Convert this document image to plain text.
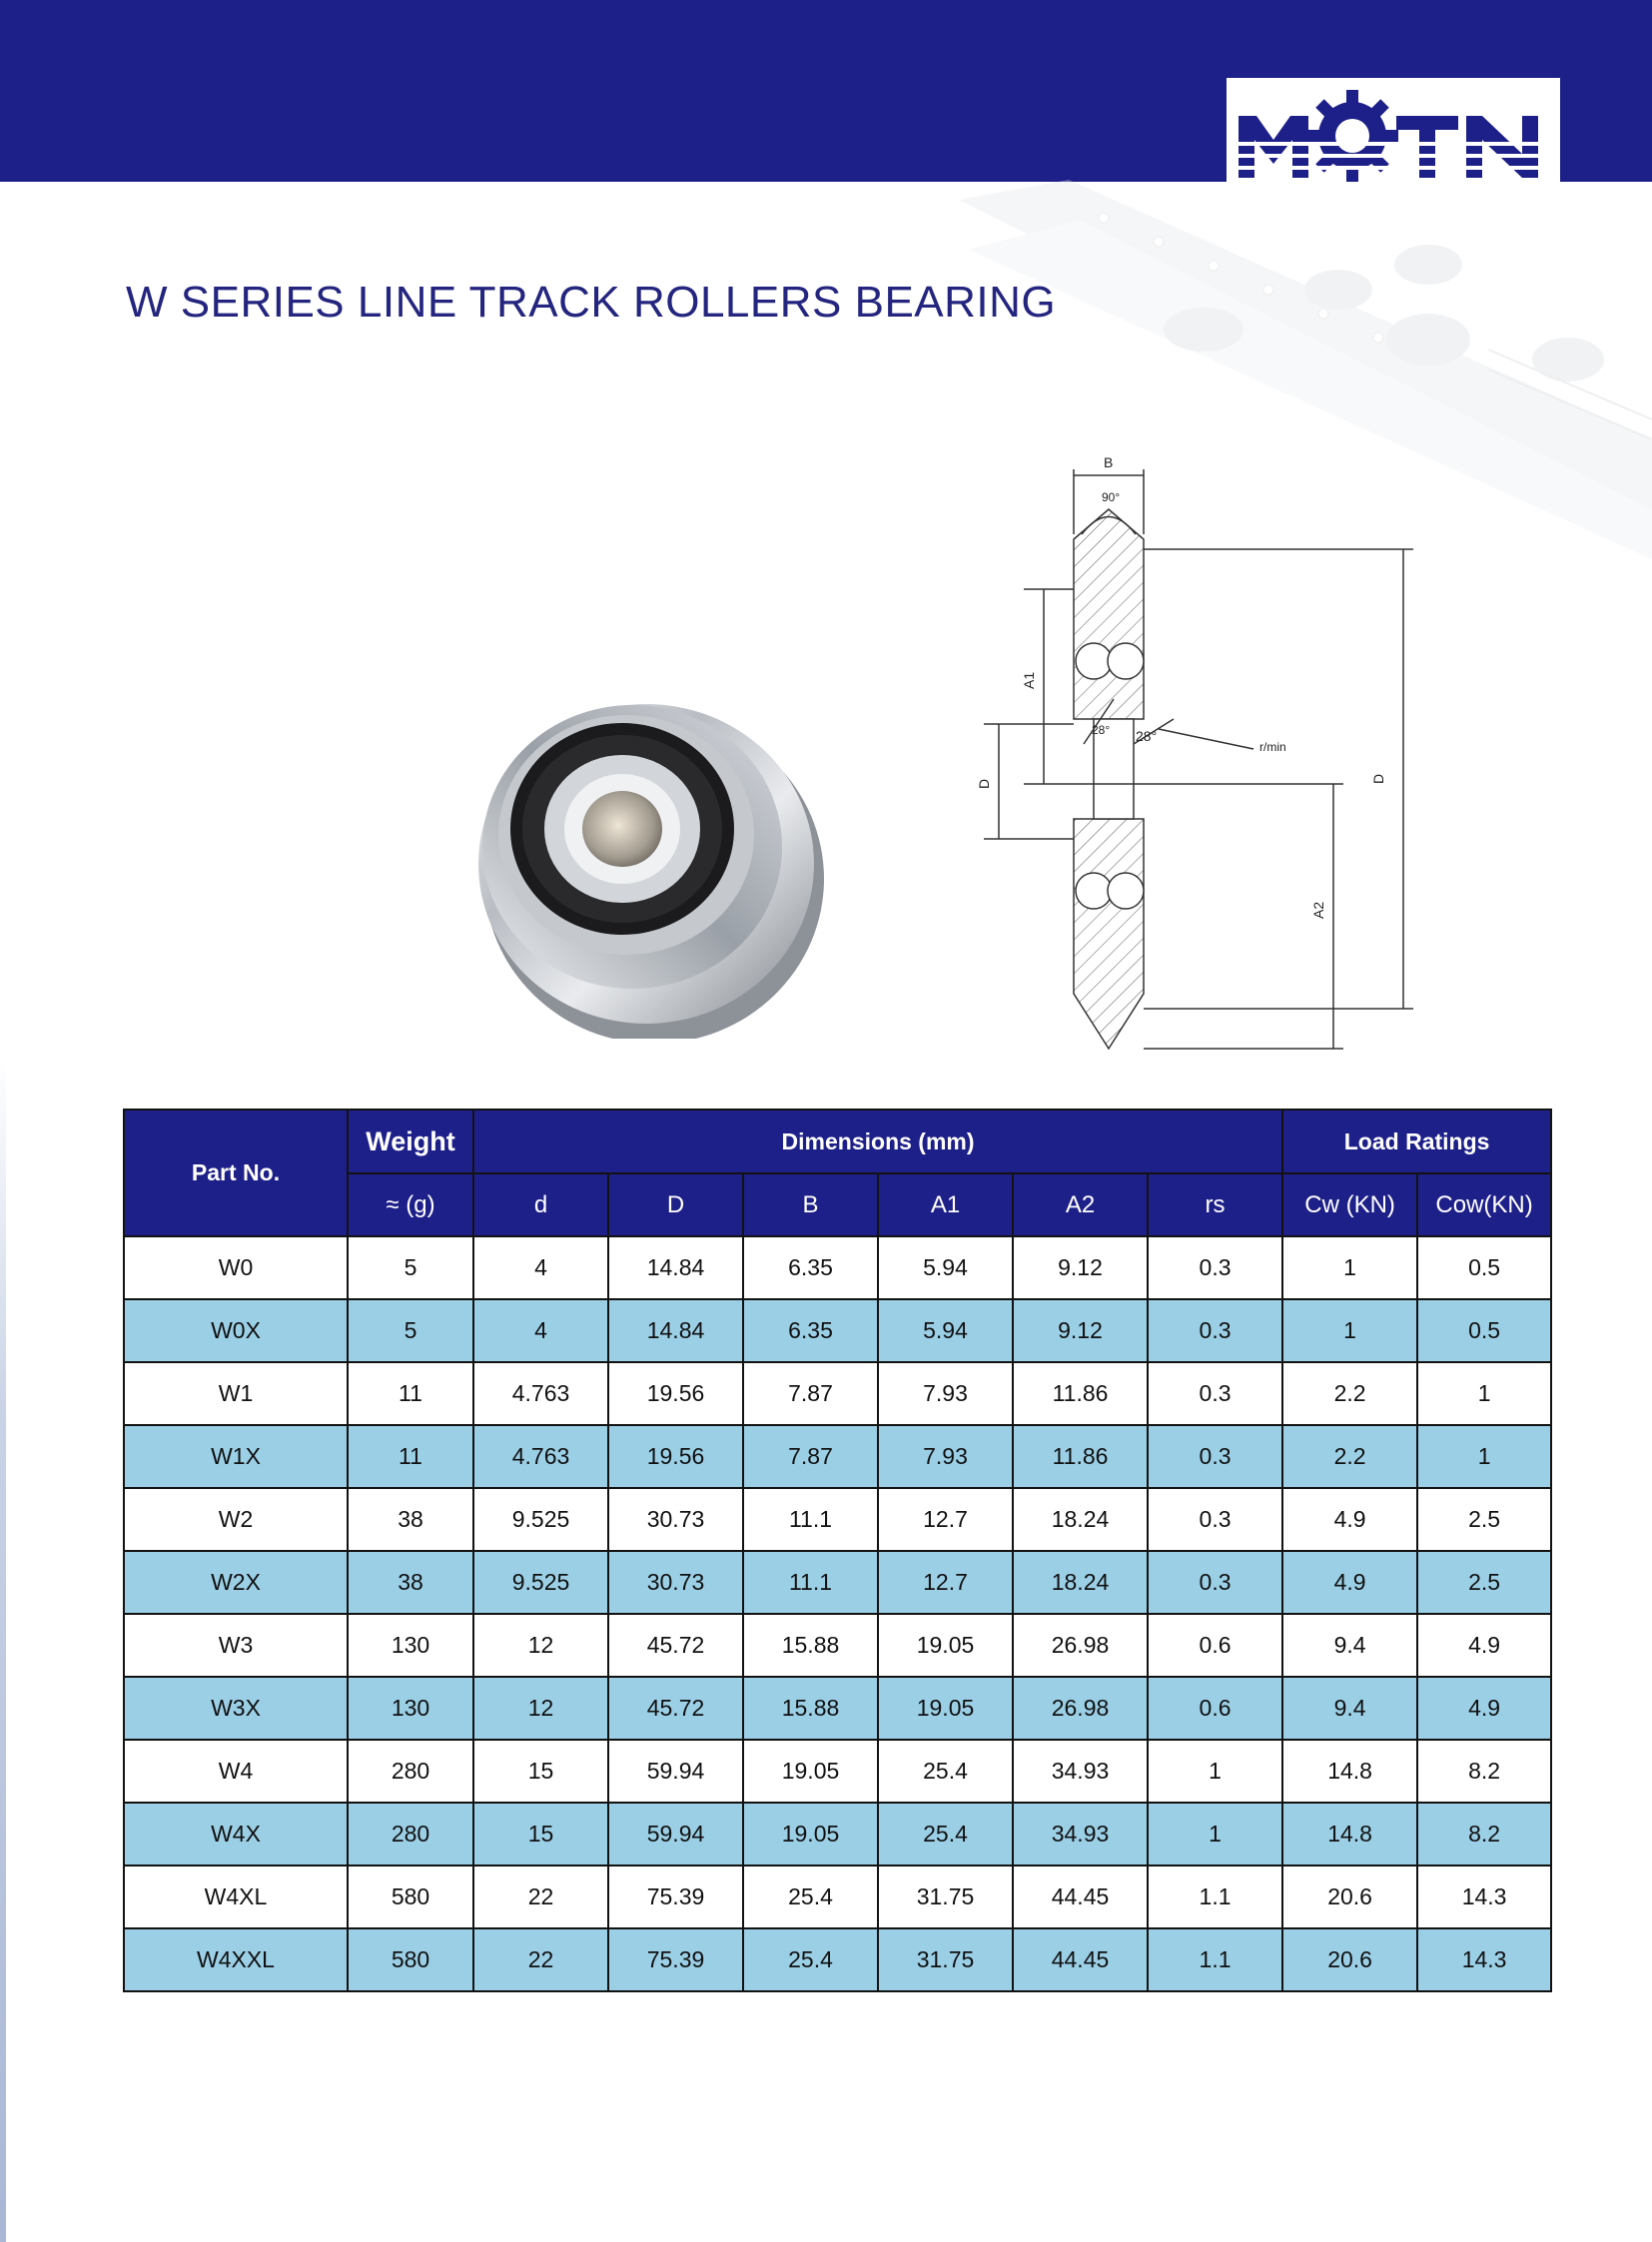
W SERIES LINE TRACK ROLLERS BEARING
B
90°
A1
D	D
A2
28° 28°
r/min
Part No.	Weight	Dimensions (mm)						Load Ratings	
	≈ (g)	d	D	B	A1	A2	rs	Cw (KN)	Cow(KN)
W0	5	4	14.84	6.35	5.94	9.12	0.3	1	0.5
W0X	5	4	14.84	6.35	5.94	9.12	0.3	1	0.5
W1	11	4.763	19.56	7.87	7.93	11.86	0.3	2.2	1
W1X	11	4.763	19.56	7.87	7.93	11.86	0.3	2.2	1
W2	38	9.525	30.73	11.1	12.7	18.24	0.3	4.9	2.5
W2X	38	9.525	30.73	11.1	12.7	18.24	0.3	4.9	2.5
W3	130	12	45.72	15.88	19.05	26.98	0.6	9.4	4.9
W3X	130	12	45.72	15.88	19.05	26.98	0.6	9.4	4.9
W4	280	15	59.94	19.05	25.4	34.93	1	14.8	8.2
W4X	280	15	59.94	19.05	25.4	34.93	1	14.8	8.2
W4XL	580	22	75.39	25.4	31.75	44.45	1.1	20.6	14.3
W4XXL	580	22	75.39	25.4	31.75	44.45	1.1	20.6	14.3
